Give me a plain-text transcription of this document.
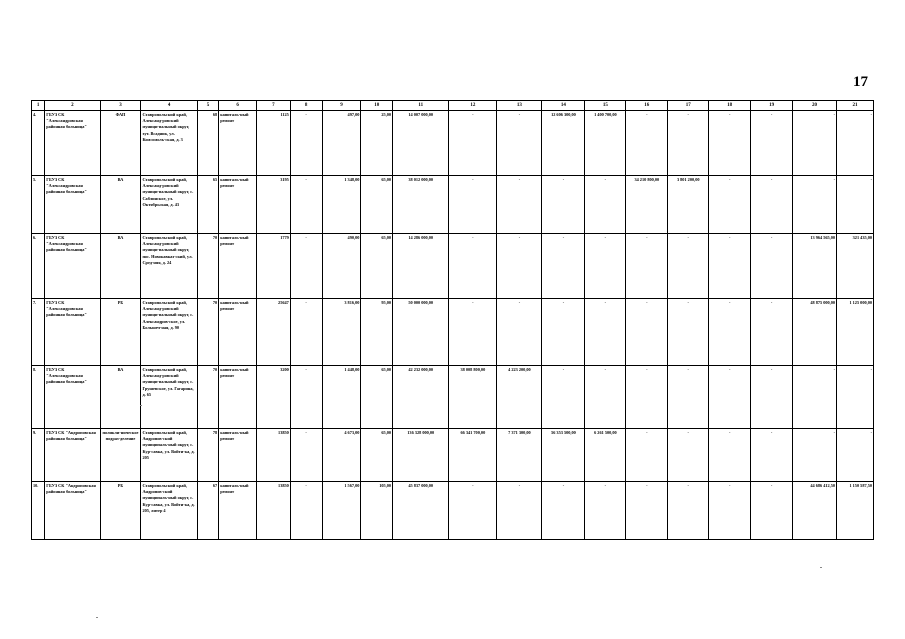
17
1	2	3	4	5	6	7	8	9	10	11	12	13	14	15	16	17	18	19	20	21
4.	ГБУЗ СК "Александровская районная больница"	ФАП	Ставропольский край, Александ-ровский муници-пальный округ, хут. Всадник, ул. Комсомоль-ская, д. 3	68	капиталь-ный ремонт	1125	-	497,00	25,00	14 007 000,00	-	-	12 606 300,00	1 400 700,00	-	-	-	-	-	-
5.	ГБУЗ СК "Александровская районная больница"	ВА	Ставропольский край, Александ-ровский муници-пальный округ, с. Саблинское, ул. Октябрьская, д. 43	65	капиталь-ный ремонт	3195	-	1 348,00	65,00	38 012 000,00	-	-	-	-	34 210 800,00	3 801 200,00	-	-	-	-
6.	ГБУЗ СК "Александровская районная больница"	ВА	Ставропольский край, Александ-ровский муници-пальный округ, пос. Новокавказ-ский, ул. Сред-няя, д. 24	70	капиталь-ный ремонт	1779	-	490,00	65,00	14 286 000,00	-	-	-	-	-	-	-	-	13 964 565,00	321 435,00
7.	ГБУЗ СК "Александровская районная больница"	РБ	Ставропольский край, Александ-ровский муници-пальный округ, с. Александров-ское, ул. Большеч-ная, д. 90	70	капиталь-ный ремонт	25647	-	3 816,00	95,00	50 000 000,00	-	-	-	-	-	-	-	-	48 875 000,00	1 125 000,00
8.	ГБУЗ СК "Александровская районная больница"	ВА	Ставропольский край, Александ-ровский муници-пальный округ, с. Грушевское, ул. Гагарина, д. 65	70	капиталь-ный ремонт	3200	-	1 448,00	65,00	42 232 000,00	38 008 800,00	4 223 200,00	-	-	-	-	-	-	-	-
9.	ГБУЗ СК "Андроповская районная больница"	поликли-ническое подраз-деление	Ставропольский край, Андропов-ский муниципаль-ный округ, с. Кур-савка, ул. Войти-ка, д. 205	78	капиталь-ный ремонт	13850	-	4 673,00	65,00	136 328 000,00	66 341 700,00	7 371 300,00	56 353 500,00	6 261 500,00	-	-	-	-	-	-
10.	ГБУЗ СК "Андроповская районная больница"	РБ	Ставропольский край, Андропов-ский муниципаль-ный округ, с. Кур-савка, ул. Войти-ка, д. 205, литер 4	67	капиталь-ный ремонт	13850	-	1 567,00	105,00	45 837 000,00	-	-	-	-	-	-	-	-	44 686 412,50	1 150 587,50
